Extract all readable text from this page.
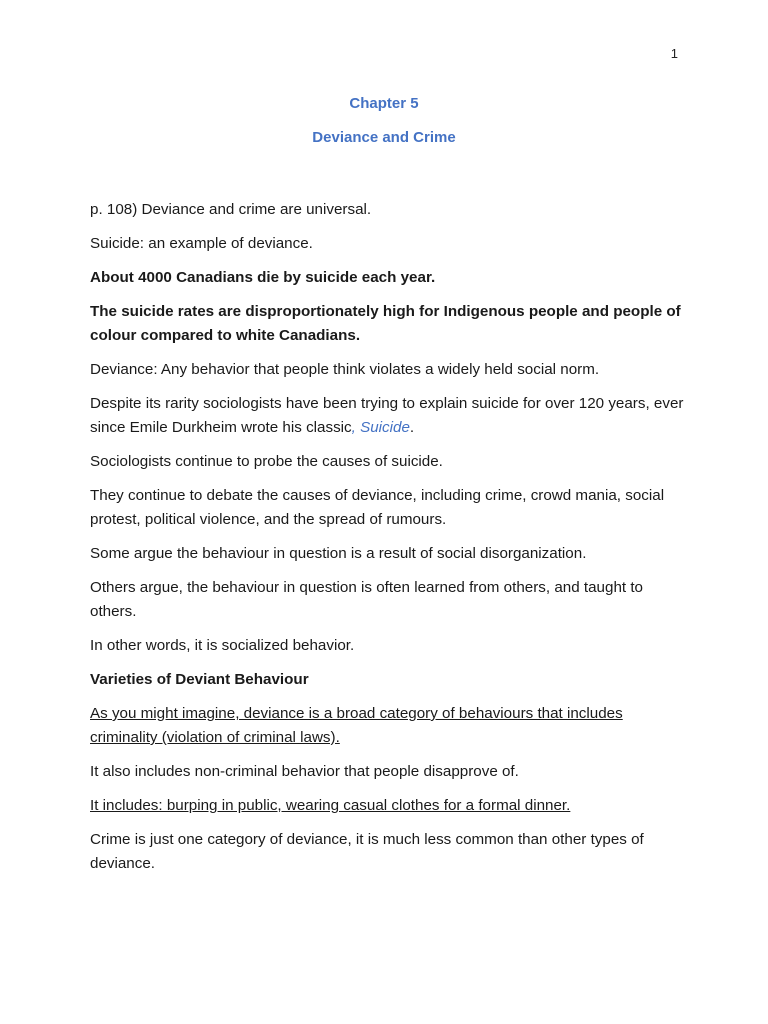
1
Chapter 5
Deviance and Crime

p. 108) Deviance and crime are universal.

Suicide: an example of deviance.

About 4000 Canadians die by suicide each year.

The suicide rates are disproportionately high for Indigenous people and people of colour compared to white Canadians.

Deviance: Any behavior that people think violates a widely held social norm.

Despite its rarity sociologists have been trying to explain suicide for over 120 years, ever since Emile Durkheim wrote his classic, Suicide.

Sociologists continue to probe the causes of suicide.

They continue to debate the causes of deviance, including crime, crowd mania, social protest, political violence, and the spread of rumours.

Some argue the behaviour in question is a result of social disorganization.

Others argue, the behaviour in question is often learned from others, and taught to others.

In other words, it is socialized behavior.

Varieties of Deviant Behaviour

As you might imagine, deviance is a broad category of behaviours that includes criminality (violation of criminal laws).

It also includes non-criminal behavior that people disapprove of.

It includes: burping in public, wearing casual clothes for a formal dinner.

Crime is just one category of deviance, it is much less common than other types of deviance.
